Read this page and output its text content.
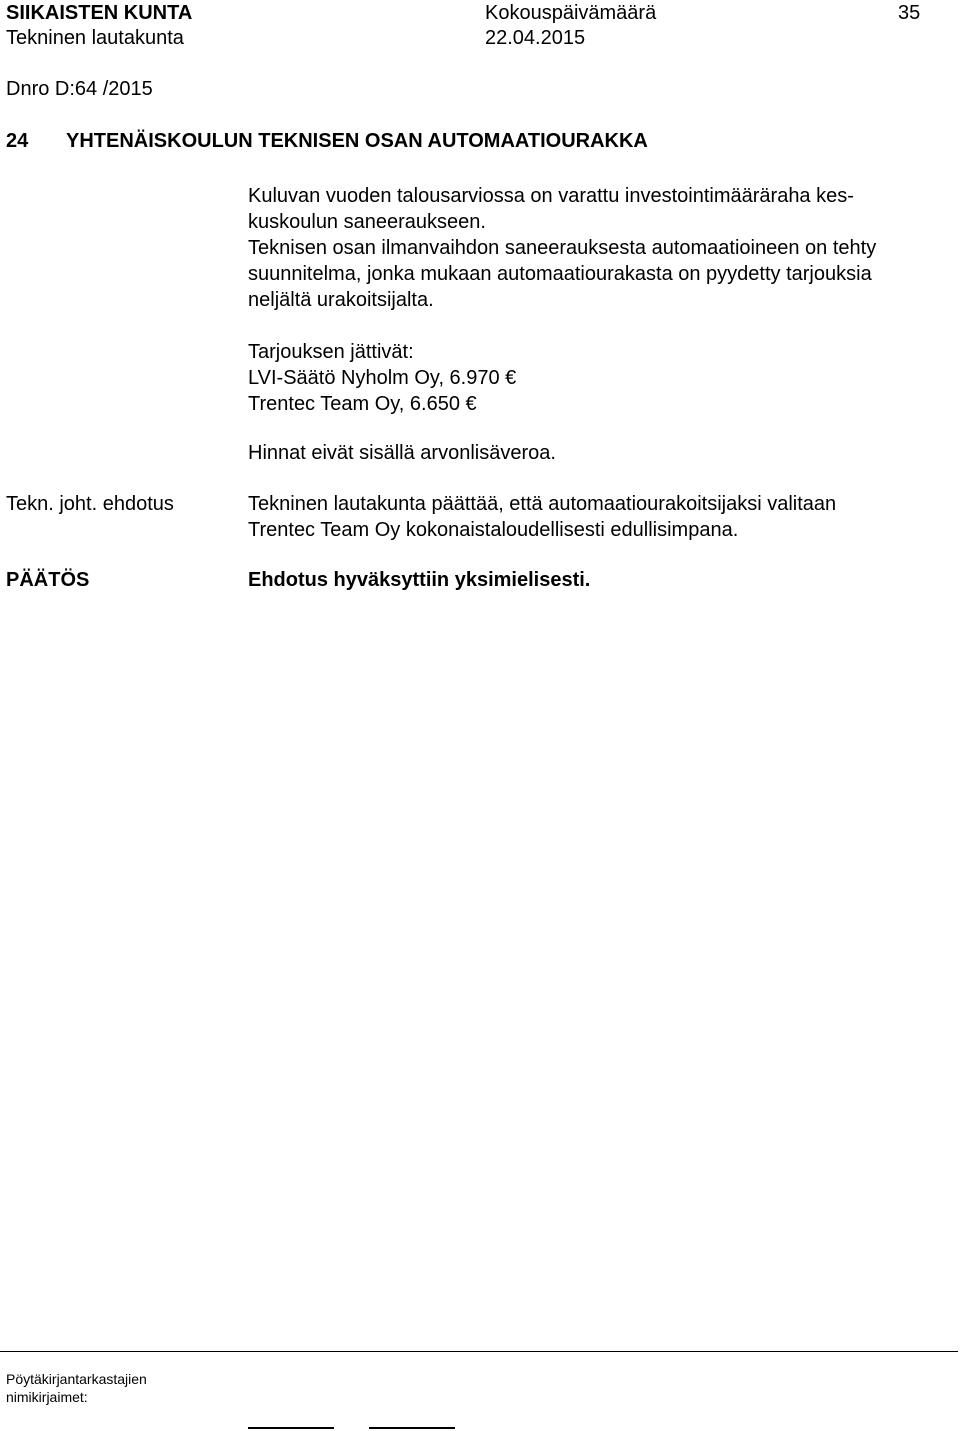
SIIKAISTEN KUNTA	Kokouspäivämäärä	35
Tekninen lautakunta	22.04.2015
Dnro D:64 /2015
24 YHTENÄISKOULUN TEKNISEN OSAN AUTOMAATIOURAKKA

Kuluvan vuoden talousarviossa on varattu investointimääräraha kes-

kuskoulun saneeraukseen.

Teknisen osan ilmanvaihdon saneerauksesta automaatioineen on tehty

suunnitelma, jonka mukaan automaatiourakasta on pyydetty tarjouksia

neljältä urakoitsijalta.

Tarjouksen jättivät:

LVI-Säätö Nyholm Oy, 6.970 €

Trentec Team Oy, 6.650 €

Hinnat eivät sisällä arvonlisäveroa.

Tekn. joht. ehdotus	Tekninen lautakunta päättää, että automaatiourakoitsijaksi valitaan

Trentec Team Oy kokonaistaloudellisesti edullisimpana.

PÄÄTÖS	Ehdotus hyväksyttiin yksimielisesti.
Pöytäkirjantarkastajien
nimikirjaimet:
